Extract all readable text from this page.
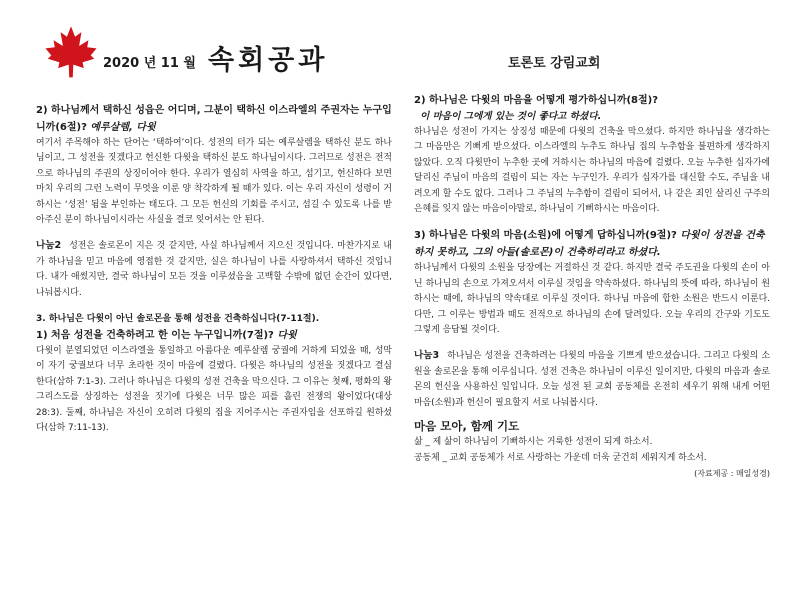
2020 년 11 월 속회공과	토론토 강림교회
2) 하나님께서 택하신 성읍은 어디며, 그분이 택하신 이스라엘의 주권자는 누구입니까(6절)? 예루살렘, 다윗

여기서 주목해야 하는 단어는 ‘택하여’이다. 성전의 터가 되는 예루살렘을 택하신 분도 하나님이고, 그 성전을 짓겠다고 헌신한 다윗을 택하신 분도 하나님이시다. 그러므로 성전은 전적으로 하나님의 주권의 상징이어야 한다. 우리가 열심히 사역을 하고, 섬기고, 헌신하다 보면 마치 우리의 그런 노력이 무엇을 이룬 양 착각하게 될 때가 있다. 이는 우리 자신이 성령이 거하시는 ‘성전’ 됨을 부인하는 태도다. 그 모든 헌신의 기회를 주시고, 섬길 수 있도록 나를 받아주신 분이 하나님이시라는 사실을 결코 잊어서는 안 된다.

나눔2 성전은 솔로몬이 지은 것 같지만, 사실 하나님께서 지으신 것입니다. 마찬가지로 내가 하나님을 믿고 마음에 영접한 것 같지만, 실은 하나님이 나를 사랑하셔서 택하신 것입니다. 내가 애썼지만, 결국 하나님이 모든 것을 이루셨음을 고백할 수밖에 없던 순간이 있다면, 나눠봅시다.

3. 하나님은 다윗이 아닌 솔로몬을 통해 성전을 건축하십니다(7-11절).
1) 처음 성전을 건축하려고 한 이는 누구입니까(7절)? 다윗

다윗이 분열되었던 이스라엘을 통일하고 아름다운 예루살렘 궁궐에 거하게 되었을 때, 성막이 자기 궁궐보다 너무 초라한 것이 마음에 걸렸다. 다윗은 하나님의 성전을 짓겠다고 결심 한다(삼하 7:1-3). 그러나 하나님은 다윗의 성전 건축을 막으신다. 그 이유는 첫째, 평화의 왕 그리스도를 상징하는 성전을 짓기에 다윗은 너무 많은 피를 흘린 전쟁의 왕이었다(대상 28:3). 둘째, 하나님은 자신이 오히려 다윗의 집을 지어주시는 주권자임을 선포하길 원하셨다(삼하 7:11-13).

2) 하나님은 다윗의 마음을 어떻게 평가하십니까(8절)?
이 마음이 그에게 있는 것이 좋다고 하셨다.

하나님은 성전이 가지는 상징성 때문에 다윗의 건축을 막으셨다. 하지만 하나님을 생각하는 그 마음만은 기뻐게 받으셨다. 이스라엘의 누추도 하나님 집의 누추함을 불편하게 생각하지 않았다. 오직 다윗만이 누추한 곳에 거하시는 하나님의 마음에 걸렸다. 오늘 누추한 십자가에 달리신 주님이 마음의 걸림이 되는 자는 누구인가. 우리가 십자가를 대신할 수도, 주님을 내려오게 할 수도 없다. 그러나 그 주님의 누추함이 걸림이 되어서, 나 같은 죄인 살리신 구주의 은혜를 잊지 않는 마음이야말로, 하나님이 기뻐하시는 마음이다.

3) 하나님은 다윗의 마음(소원)에 어떻게 답하십니까(9절)? 다윗이 성전을 건축하지 못하고, 그의 아들(솔로몬)이 건축하리라고 하셨다.

하나님께서 다윗의 소원을 당장에는 거절하신 것 같다. 하지만 결국 주도권을 다윗의 손이 아닌 하나님의 손으로 가져오셔서 이루실 것임을 약속하셨다. 하나님의 뜻에 따라, 하나님이 원하시는 때에, 하나님의 약속대로 이루실 것이다. 하나님 마음에 합한 소원은 반드시 이룬다. 다만, 그 이루는 방법과 때도 전적으로 하나님의 손에 달려있다. 오늘 우리의 간구와 기도도 그렇게 응답될 것이다.

나눔3 하나님은 성전을 건축하려는 다윗의 마음을 기쁘게 받으셨습니다. 그리고 다윗의 소원을 솔로몬을 통해 이루십니다. 성전 건축은 하나님이 이루신 일이지만, 다윗의 마음과 솔로몬의 헌신을 사용하신 일입니다. 오늘 성전 된 교회 공동체를 온전히 세우기 위해 내게 어떤 마음(소원)과 헌신이 필요할지 서로 나눠봅시다.

마음 모아, 함께 기도

삶 _ 제 삶이 하나님이 기뻐하시는 거룩한 성전이 되게 하소서.

공동체 _ 교회 공동체가 서로 사랑하는 가운데 더욱 굳건히 세워지게 하소서.

(자료제공 : 매일성경)
